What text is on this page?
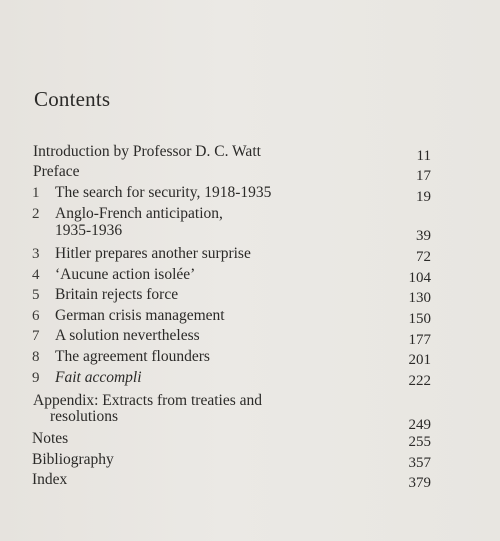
Contents
Introduction by Professor D. C. Watt	11
Preface	17
1 The search for security, 1918-1935	19
2 Anglo-French anticipation,
1935-1936	39
3 Hitler prepares another surprise	72
4 ‘Aucune action isolée’	104
5 Britain rejects force	130
6 German crisis management	150
7 A solution nevertheless	177
8 The agreement flounders	201
9 Fait accompli	222
Appendix: Extracts from treaties and
resolutions	249
Notes	255
Bibliography	357
Index	379
